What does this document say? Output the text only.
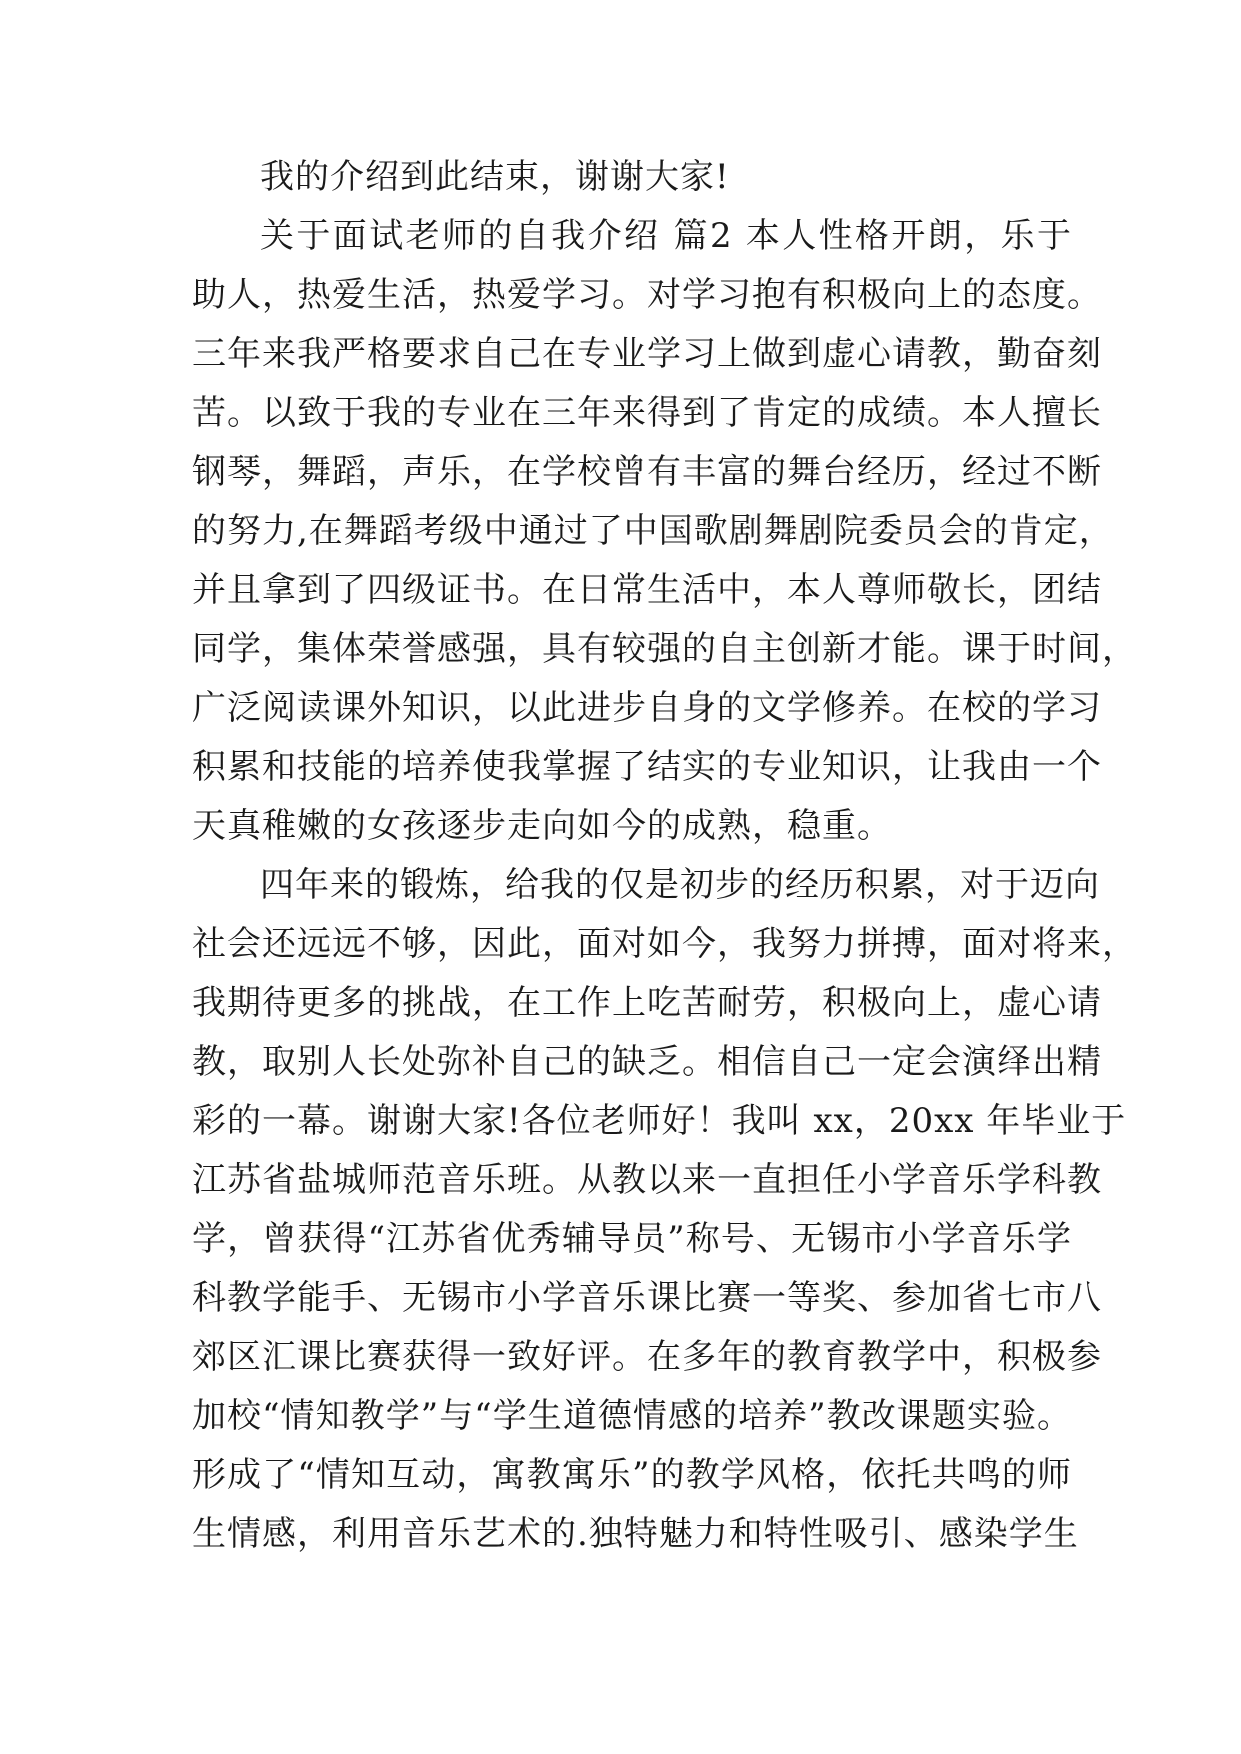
我的介绍到此结束，谢谢大家!
关于面试老师的自我介绍 篇2 本人性格开朗，乐于
助人，热爱生活，热爱学习。对学习抱有积极向上的态度。
三年来我严格要求自己在专业学习上做到虚心请教，勤奋刻
苦。以致于我的专业在三年来得到了肯定的成绩。本人擅长
钢琴，舞蹈，声乐，在学校曾有丰富的舞台经历，经过不断
的努力,在舞蹈考级中通过了中国歌剧舞剧院委员会的肯定，
并且拿到了四级证书。在日常生活中，本人尊师敬长，团结
同学，集体荣誉感强，具有较强的自主创新才能。课于时间，
广泛阅读课外知识，以此进步自身的文学修养。在校的学习
积累和技能的培养使我掌握了结实的专业知识，让我由一个
天真稚嫩的女孩逐步走向如今的成熟，稳重。
四年来的锻炼，给我的仅是初步的经历积累，对于迈向
社会还远远不够，因此，面对如今，我努力拼搏，面对将来，
我期待更多的挑战，在工作上吃苦耐劳，积极向上，虚心请
教，取别人长处弥补自己的缺乏。相信自己一定会演绎出精
彩的一幕。谢谢大家!各位老师好！我叫 xx，20xx 年毕业于
江苏省盐城师范音乐班。从教以来一直担任小学音乐学科教
学，曾获得“江苏省优秀辅导员”称号、无锡市小学音乐学
科教学能手、无锡市小学音乐课比赛一等奖、参加省七市八
郊区汇课比赛获得一致好评。在多年的教育教学中，积极参
加校“情知教学”与“学生道德情感的培养”教改课题实验。
形成了“情知互动，寓教寓乐”的教学风格，依托共鸣的师
生情感，利用音乐艺术的.独特魅力和特性吸引、感染学生
